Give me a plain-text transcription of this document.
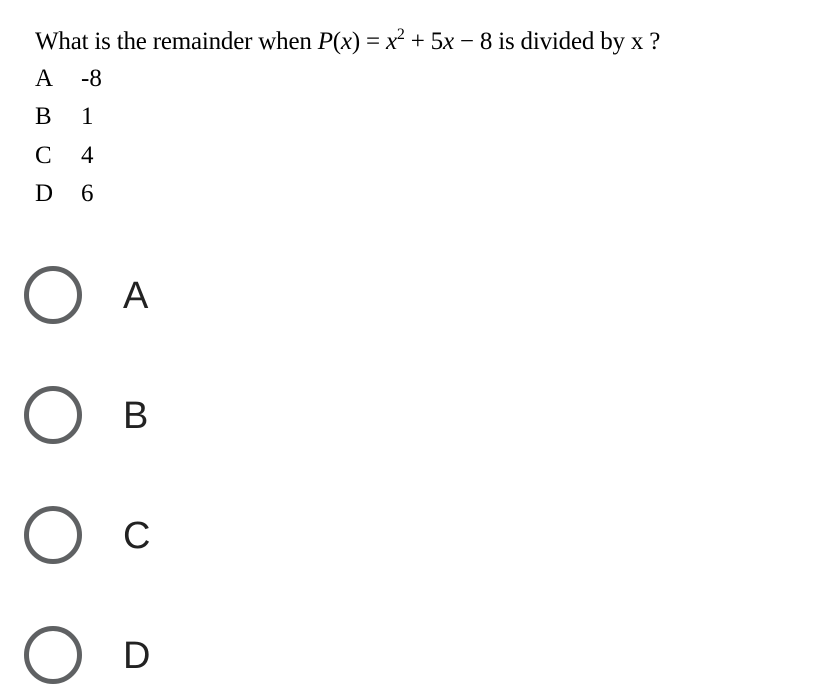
What is the remainder when $P(x) = x^2 + 5x - 8$ is divided by x ?
A -8
B 1
C 4
D 6
A
B
C
D
